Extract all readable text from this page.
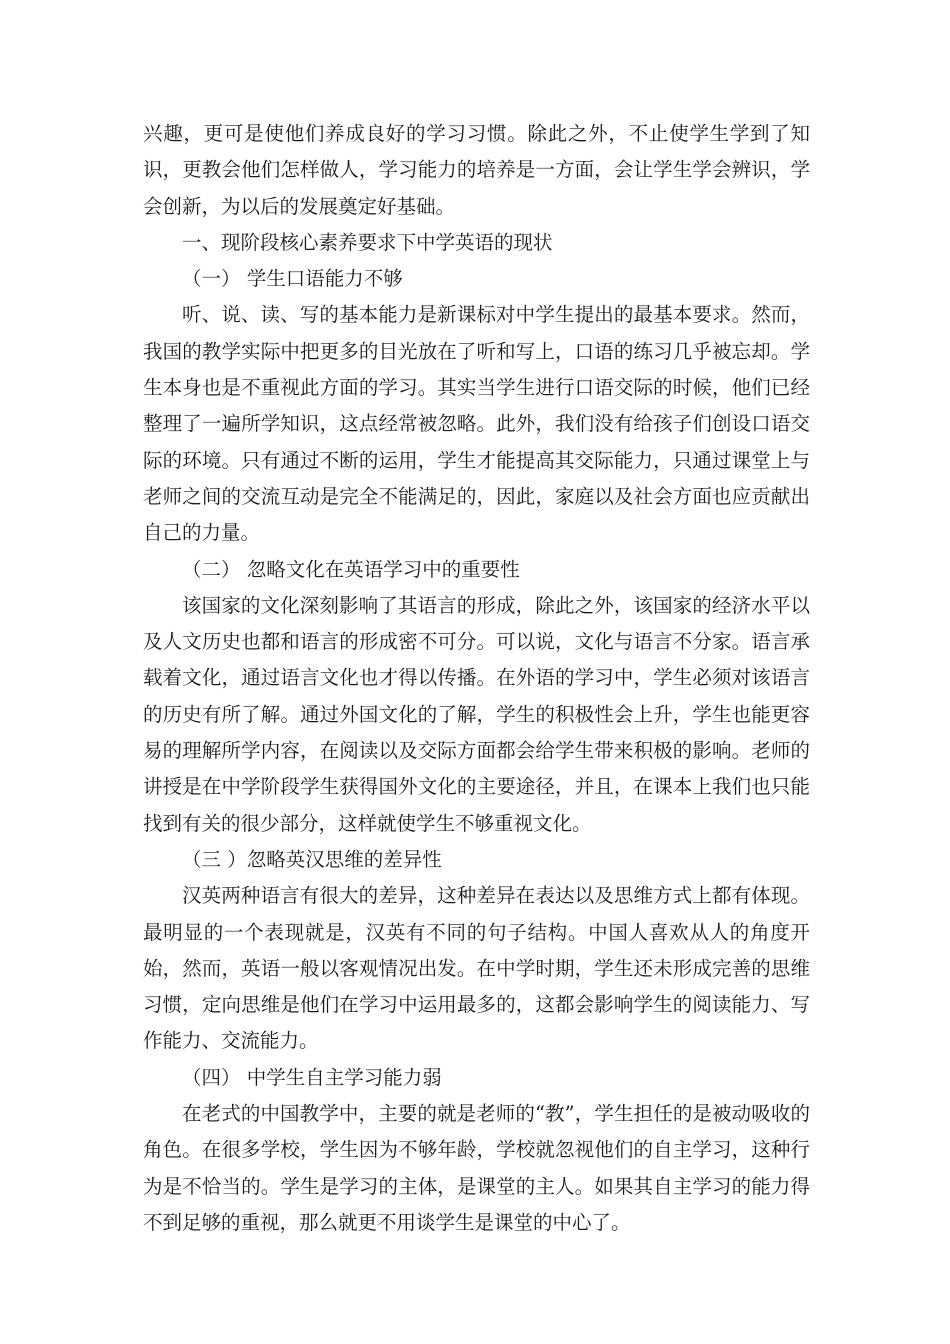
兴趣，更可是使他们养成良好的学习习惯。除此之外，不止使学生学到了知识，更教会他们怎样做人，学习能力的培养是一方面，会让学生学会辨识，学会创新，为以后的发展奠定好基础。

一、现阶段核心素养要求下中学英语的现状

（一） 学生口语能力不够

听、说、读、写的基本能力是新课标对中学生提出的最基本要求。然而，我国的教学实际中把更多的目光放在了听和写上，口语的练习几乎被忘却。学生本身也是不重视此方面的学习。其实当学生进行口语交际的时候，他们已经整理了一遍所学知识，这点经常被忽略。此外，我们没有给孩子们创设口语交际的环境。只有通过不断的运用，学生才能提高其交际能力，只通过课堂上与老师之间的交流互动是完全不能满足的，因此，家庭以及社会方面也应贡献出自己的力量。

（二） 忽略文化在英语学习中的重要性

该国家的文化深刻影响了其语言的形成，除此之外，该国家的经济水平以及人文历史也都和语言的形成密不可分。可以说，文化与语言不分家。语言承载着文化，通过语言文化也才得以传播。在外语的学习中，学生必须对该语言的历史有所了解。通过外国文化的了解，学生的积极性会上升，学生也能更容易的理解所学内容，在阅读以及交际方面都会给学生带来积极的影响。老师的讲授是在中学阶段学生获得国外文化的主要途径，并且，在课本上我们也只能找到有关的很少部分，这样就使学生不够重视文化。

（三 ）忽略英汉思维的差异性

汉英两种语言有很大的差异，这种差异在表达以及思维方式上都有体现。最明显的一个表现就是，汉英有不同的句子结构。中国人喜欢从人的角度开始，然而，英语一般以客观情况出发。在中学时期，学生还未形成完善的思维习惯，定向思维是他们在学习中运用最多的，这都会影响学生的阅读能力、写作能力、交流能力。

（四） 中学生自主学习能力弱

在老式的中国教学中，主要的就是老师的“教”，学生担任的是被动吸收的角色。在很多学校，学生因为不够年龄，学校就忽视他们的自主学习，这种行为是不恰当的。学生是学习的主体，是课堂的主人。如果其自主学习的能力得不到足够的重视，那么就更不用谈学生是课堂的中心了。
